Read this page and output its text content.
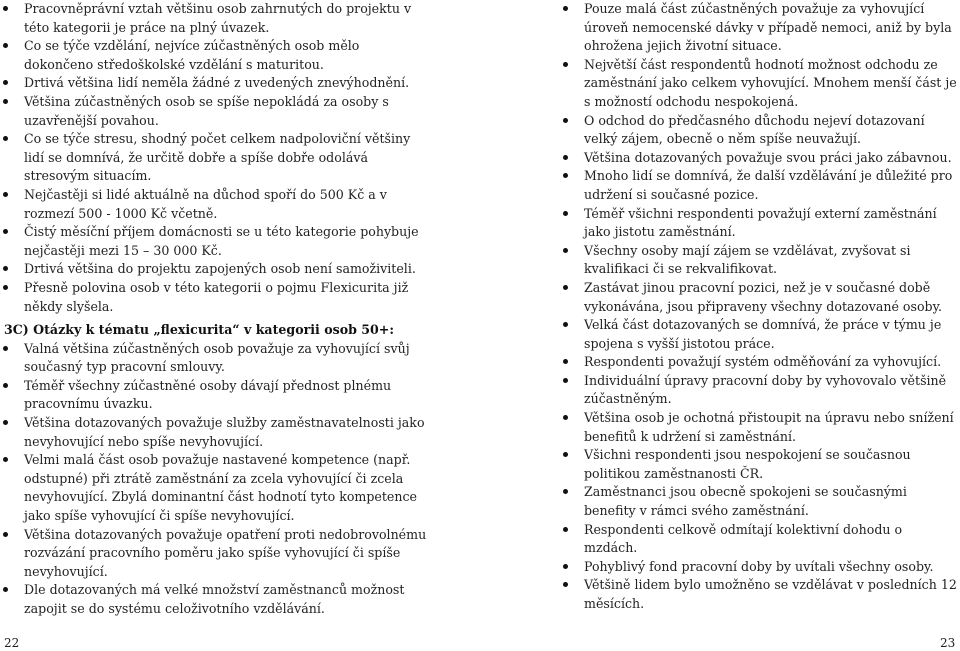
Pracovněprávní vztah většinu osob zahrnutých do projektu v této kategorii je práce na plný úvazek.
Co se týče vzdělání, nejvíce zúčastněných osob mělo dokončeno středoškolské vzdělání s maturitou.
Drtivá většina lidí neměla žádné z uvedených znevýhodnění.
Většina zúčastněných osob se spíše nepokládá za osoby s uzavřenější povahou.
Co se týče stresu, shodný počet celkem nadpoloviční většiny lidí se domnívá, že určitě dobře a spíše dobře odolává stresovým situacím.
Nejčastěji si lidé aktuálně na důchod spoří do 500 Kč a v rozmezí 500 - 1000 Kč včetně.
Čistý měsíční příjem domácnosti se u této kategorie pohybuje nejčastěji mezi 15 – 30 000 Kč.
Drtivá většina do projektu zapojených osob není samoživiteli.
Přesně polovina osob v této kategorii o pojmu Flexicurita již někdy slyšela.
3C) Otázky k tématu „flexicurita“ v kategorii osob 50+:
Valná většina zúčastněných osob považuje za vyhovující svůj současný typ pracovní smlouvy.
Téměř všechny zúčastněné osoby dávají přednost plnému pracovnímu úvazku.
Většina dotazovaných považuje služby zaměstnavatelnosti jako nevyhovující nebo spíše nevyhovující.
Velmi malá část osob považuje nastavené kompetence (např. odstupné) při ztrátě zaměstnání za zcela vyhovující či zcela nevyhovující. Zbylá dominantní část hodnotí tyto kompetence jako spíše vyhovující či spíše nevyhovující.
Většina dotazovaných považuje opatření proti nedobrovolnému rozvázání pracovního poměru jako spíše vyhovující či spíše nevyhovující.
Dle dotazovaných má velké množství zaměstnanců možnost zapojit se do systému celoživotního vzdělávání.
Pouze malá část zúčastněných považuje za vyhovující úroveň nemocenské dávky v případě nemoci, aniž by byla ohrožena jejich životní situace.
Největší část respondentů hodnotí možnost odchodu ze zaměstnání jako celkem vyhovující. Mnohem menší část je s možností odchodu nespokojená.
O odchod do předčasného důchodu nejeví dotazovaní velký zájem, obecně o něm spíše neuvažují.
Většina dotazovaných považuje svou práci jako zábavnou.
Mnoho lidí se domnívá, že další vzdělávání je důležité pro udržení si současné pozice.
Téměř všichni respondenti považují externí zaměstnání jako jistotu zaměstnání.
Všechny osoby mají zájem se vzdělávat, zvyšovat si kvalifikaci či se rekvalifikovat.
Zastávat jinou pracovní pozici, než je v současné době vykonávána, jsou připraveny všechny dotazované osoby.
Velká část dotazovaných se domnívá, že práce v týmu je spojena s vyšší jistotou práce.
Respondenti považují systém odměňování za vyhovující.
Individuální úpravy pracovní doby by vyhovovalo většině zúčastněným.
Většina osob je ochotná přistoupit na úpravu nebo snížení benefitů k udržení si zaměstnání.
Všichni respondenti jsou nespokojení se současnou politikou zaměstnanosti ČR.
Zaměstnanci jsou obecně spokojeni se současnými benefity v rámci svého zaměstnání.
Respondenti celkově odmítají kolektivní dohodu o mzdách.
Pohyblivý fond pracovní doby by uvítali všechny osoby.
Většině lidem bylo umožněno se vzdělávat v posledních 12 měsících.
22	23
